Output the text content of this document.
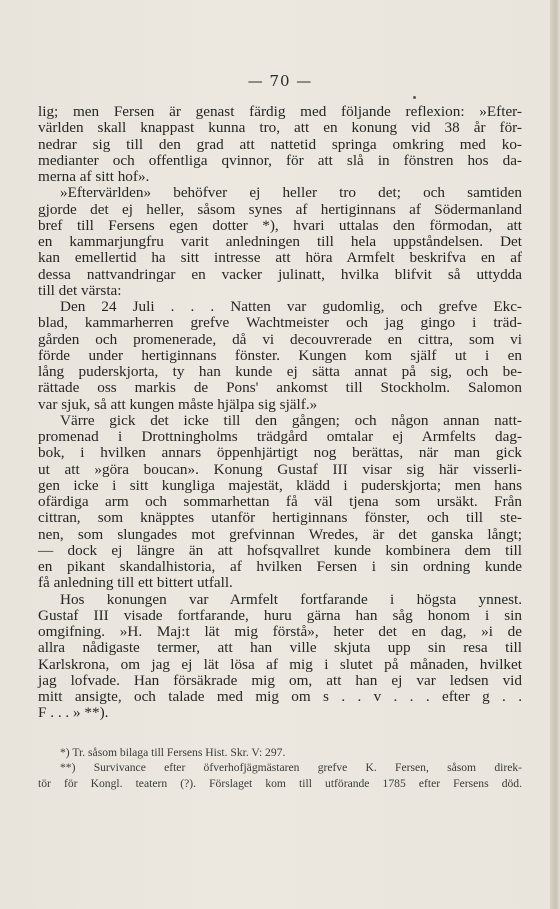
— 70 —
lig; men Fersen är genast färdig med följande reflexion: »Efter-
världen skall knappast kunna tro, att en konung vid 38 år för-
nedrar sig till den grad att nattetid springa omkring med ko-
medianter och offentliga qvinnor, för att slå in fönstren hos da-
merna af sitt hof».
»Eftervärlden» behöfver ej heller tro det; och samtiden
gjorde det ej heller, såsom synes af hertiginnans af Södermanland
bref till Fersens egen dotter *), hvari uttalas den förmodan, att
en kammarjungfru varit anledningen till hela uppståndelsen. Det
kan emellertid ha sitt intresse att höra Armfelt beskrifva en af
dessa nattvandringar en vacker julinatt, hvilka blifvit så uttydda
till det värsta:
Den 24 Juli . . . Natten var gudomlig, och grefve Ekc-
blad, kammarherren grefve Wachtmeister och jag gingo i träd-
gården och promenerade, då vi decouvrerade en cittra, som vi
förde under hertiginnans fönster. Kungen kom själf ut i en
lång puderskjorta, ty han kunde ej sätta annat på sig, och be-
rättade oss markis de Pons' ankomst till Stockholm. Salomon
var sjuk, så att kungen måste hjälpa sig själf.»
Värre gick det icke till den gången; och någon annan natt-
promenad i Drottningholms trädgård omtalar ej Armfelts dag-
bok, i hvilken annars öppenhjärtigt nog berättas, när man gick
ut att »göra boucan». Konung Gustaf III visar sig här visserli-
gen icke i sitt kungliga majestät, klädd i puderskjorta; men hans
ofärdiga arm och sommarhettan få väl tjena som ursäkt. Från
cittran, som knäpptes utanför hertiginnans fönster, och till ste-
nen, som slungades mot grefvinnan Wredes, är det ganska långt;
— dock ej längre än att hofsqvallret kunde kombinera dem till
en pikant skandalhistoria, af hvilken Fersen i sin ordning kunde
få anledning till ett bittert utfall.
Hos konungen var Armfelt fortfarande i högsta ynnest.
Gustaf III visade fortfarande, huru gärna han såg honom i sin
omgifning. »H. Maj:t lät mig förstå», heter det en dag, »i de
allra nådigaste termer, att han ville skjuta upp sin resa till
Karlskrona, om jag ej lät lösa af mig i slutet på månaden, hvilket
jag lofvade. Han försäkrade mig om, att han ej var ledsen vid
mitt ansigte, och talade med mig om s . . v . . . efter g . .
F . . . » **).
*) Tr. såsom bilaga till Fersens Hist. Skr. V: 297.
**) Survivance efter öfverhofjägmästaren grefve K. Fersen, såsom direk-
tör för Kongl. teatern (?). Förslaget kom till utförande 1785 efter Fersens död.
